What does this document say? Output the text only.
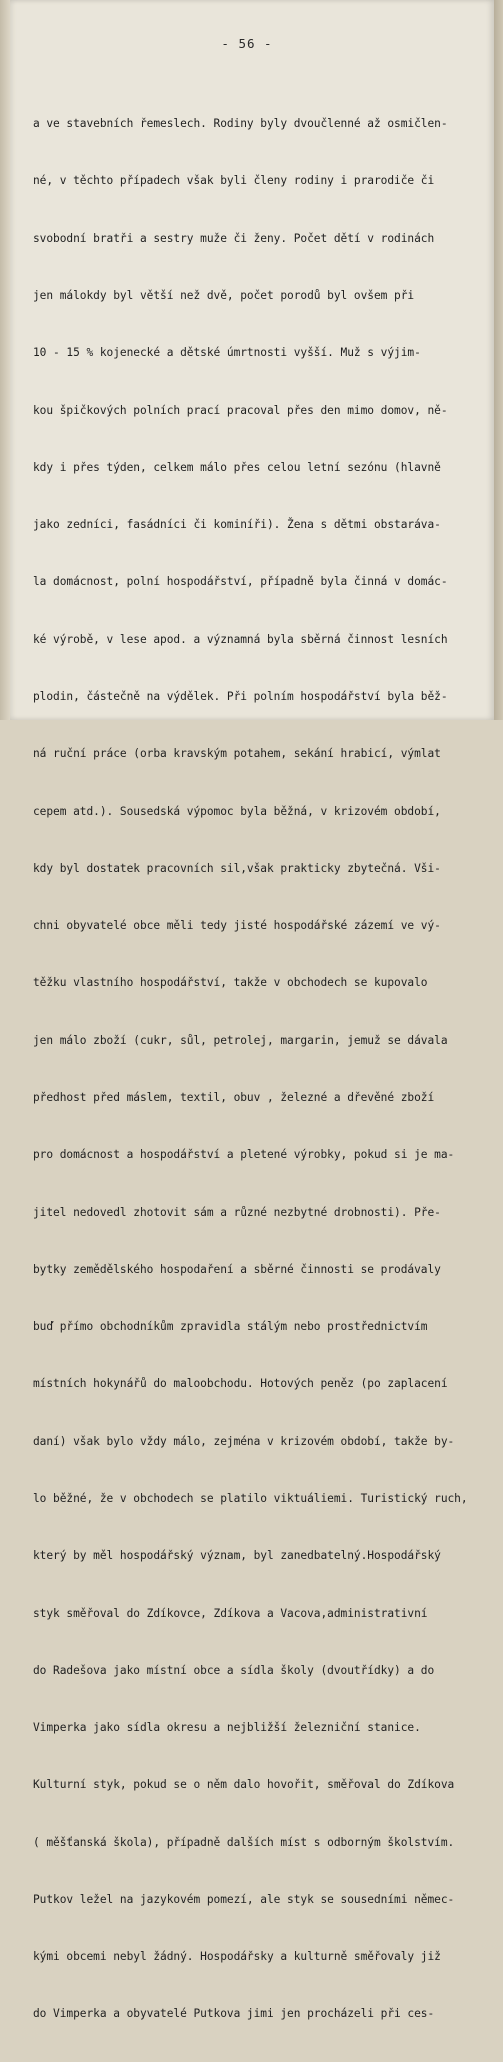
- 56 -

a ve stavebních řemeslech. Rodiny byly dvoučlenné až osmičlen-

né, v těchto případech však byli členy rodiny i prarodiče či

svobodní bratři a sestry muže či ženy. Počet dětí v rodinách

jen málokdy byl větší než dvě, počet porodů byl ovšem při

10 - 15 % kojenecké a dětské úmrtnosti vyšší. Muž s výjim-

kou špičkových polních prací pracoval přes den mimo domov, ně-

kdy i přes týden, celkem málo přes celou letní sezónu (hlavně

jako zedníci, fasádníci či kominíři). Žena s dětmi obstaráva-

la domácnost, polní hospodářství, případně byla činná v domác-

ké výrobě, v lese apod. a významná byla sběrná činnost lesních

plodin, částečně na výdělek. Při polním hospodářství byla běž-

ná ruční práce (orba kravským potahem, sekání hrabicí, výmlat

cepem atd.). Sousedská výpomoc byla běžná, v krizovém období,

kdy byl dostatek pracovních sil,však prakticky zbytečná. Vši-

chni obyvatelé obce měli tedy jisté hospodářské zázemí ve vý-

těžku vlastního hospodářství, takže v obchodech se kupovalo

jen málo zboží (cukr, sůl, petrolej, margarin, jemuž se dávala

předhost před máslem, textil, obuv , železné a dřevěné zboží

pro domácnost a hospodářství a pletené výrobky, pokud si je ma-

jitel nedovedl zhotovit sám a různé nezbytné drobnosti). Pře-

bytky zemědělského hospodaření a sběrné činnosti se prodávaly

buď přímo obchodníkům zpravidla stálým nebo prostřednictvím

místních hokynářů do maloobchodu. Hotových peněz (po zaplacení

daní) však bylo vždy málo, zejména v krizovém období, takže by-

lo běžné, že v obchodech se platilo viktuáliemi. Turistický ruch,

který by měl hospodářský význam, byl zanedbatelný.Hospodářský

styk směřoval do Zdíkovce, Zdíkova a Vacova,administrativní

do Radešova jako místní obce a sídla školy (dvoutřídky) a do

Vimperka jako sídla okresu a nejbližší železniční stanice.

Kulturní styk, pokud se o něm dalo hovořit, směřoval do Zdíkova

( měšťanská škola), případně dalších míst s odborným školstvím.

Putkov ležel na jazykovém pomezí, ale styk se sousedními němec-

kými obcemi nebyl žádný. Hospodářsky a kulturně směřovaly již

do Vimperka a obyvatelé Putkova jimi jen procházeli při ces-
